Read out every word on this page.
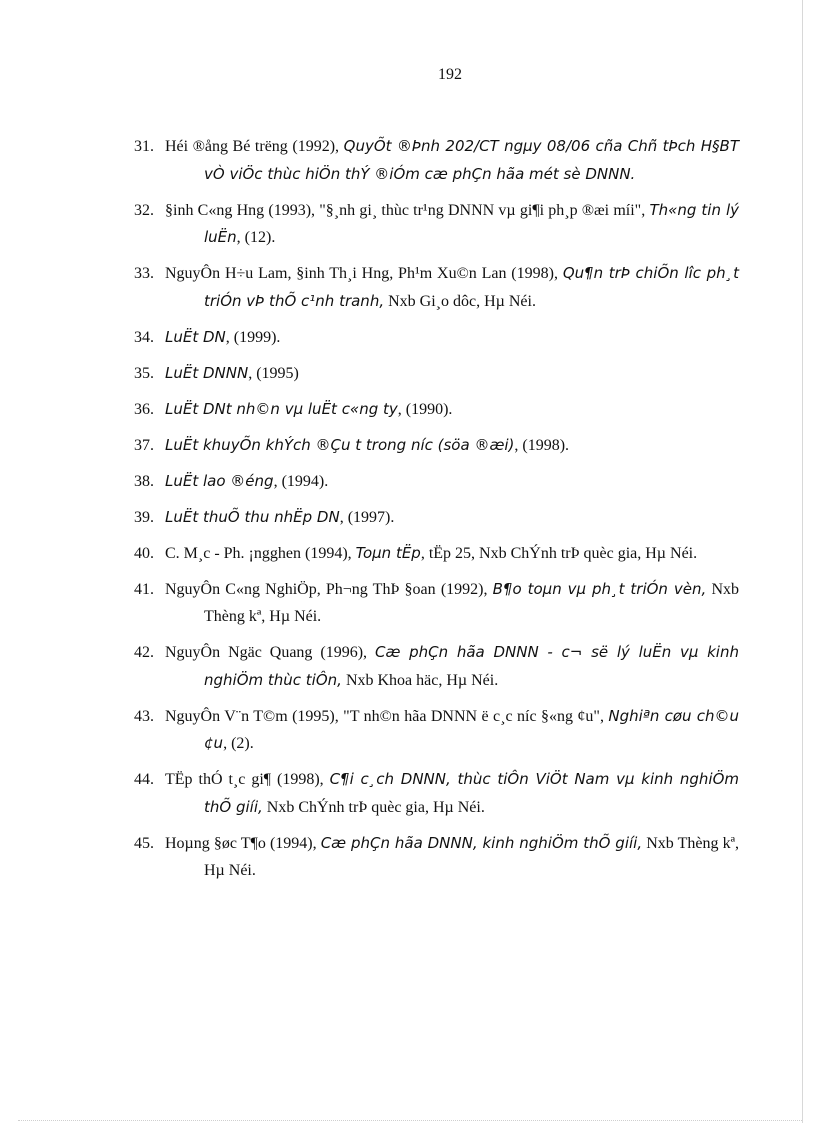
192
31. Héi ®ång Bé trëng (1992), QuyÕt ®Þnh 202/CT ngµy 08/06 cña Chñ tÞch H§BT vÒ viÖc thùc hiÖn thÝ ®iÓm cæ phÇn hãa mét sè DNNN.
32. §inh C«ng Hng (1993), "§¸nh gi¸ thùc tr¹ng DNNN vµ gi¶i ph¸p ®æi míi", Th«ng tin lý luËn, (12).
33. NguyÔn H÷u Lam, §inh Th¸i Hng, Ph¹m Xu©n Lan (1998), Qu¶n trÞ chiÕn lîc ph¸t triÓn vÞ thÕ c¹nh tranh, Nxb Gi¸o dôc, Hµ Néi.
34. LuËt DN, (1999).
35. LuËt DNNN, (1995)
36. LuËt DNt nh©n vµ luËt c«ng ty, (1990).
37. LuËt khuyÕn khÝch ®Çu t trong níc (söa ®æi), (1998).
38. LuËt lao ®éng, (1994).
39. LuËt thuÕ thu nhËp DN, (1997).
40. C. M¸c - Ph. ¡ngghen (1994), Toµn tËp, tËp 25, Nxb ChÝnh trÞ quèc gia, Hµ Néi.
41. NguyÔn C«ng NghiÖp, Ph¬ng ThÞ §oan (1992), B¶o toµn vµ ph¸t triÓn vèn, Nxb Thèng kª, Hµ Néi.
42. NguyÔn Ngäc Quang (1996), Cæ phÇn hãa DNNN - c¬ së lý luËn vµ kinh nghiÖm thùc tiÔn, Nxb Khoa häc, Hµ Néi.
43. NguyÔn V¨n T©m (1995), "T nh©n hãa DNNN ë c¸c níc §«ng ¢u", Nghiªn cøu ch©u ¢u, (2).
44. TËp thÓ t¸c gi¶ (1998), C¶i c¸ch DNNN, thùc tiÔn ViÖt Nam vµ kinh nghiÖm thÕ giíi, Nxb ChÝnh trÞ quèc gia, Hµ Néi.
45. Hoµng §øc T¶o (1994), Cæ phÇn hãa DNNN, kinh nghiÖm thÕ giíi, Nxb Thèng kª, Hµ Néi.
